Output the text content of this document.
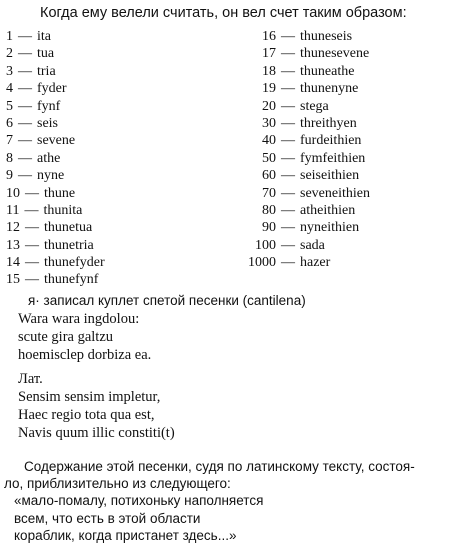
Когда ему велели считать, он вел счет таким образом:
1 — ita
2 — tua
3 — tria
4 — fyder
5 — fynf
6 — seis
7 — sevene
8 — athe
9 — nyne
10 — thune
11 — thunita
12 — thunetua
13 — thunetria
14 — thunefyder
15 — thunefynf
16 — thuneseis
17 — thunesevene
18 — thuneathe
19 — thunenyne
20 — stega
30 — threithyen
40 — furdeithien
50 — fymfeithien
60 — seiseithien
70 — seveneithien
80 — atheithien
90 — nyneithien
100 — sada
1000 — hazer
я· записал куплет спетой песенки (cantilena)
Wara wara ingdolou:
scute gira galtzu
hoemisclep dorbiza ea.
Лат.
Sensim sensim impletur,
Haec regio tota qua est,
Navis quum illic constiti(t)
Содержание этой песенки, судя по латинскому тексту, состоя-
ло, приблизительно из следующего:
«мало-помалу, потихоньку наполняется
всем, что есть в этой области
кораблик, когда пристанет здесь...»
